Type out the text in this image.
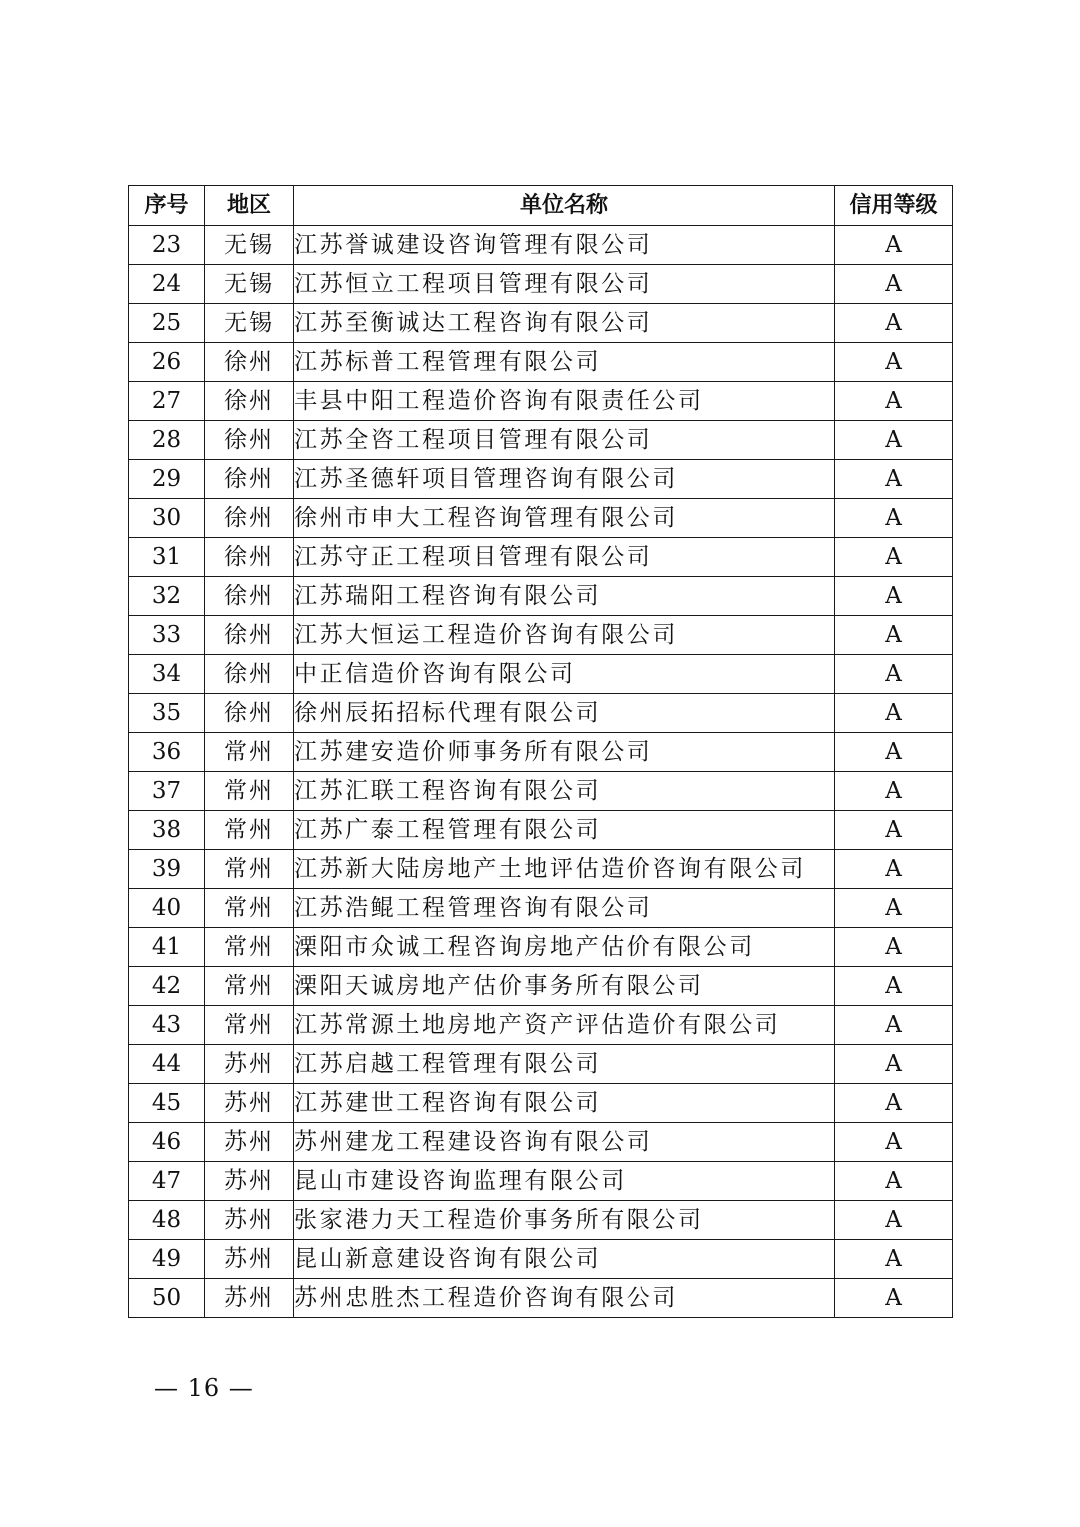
序号	地区	单位名称	信用等级
23	无锡	江苏誉诚建设咨询管理有限公司	A
24	无锡	江苏恒立工程项目管理有限公司	A
25	无锡	江苏至衡诚达工程咨询有限公司	A
26	徐州	江苏标普工程管理有限公司	A
27	徐州	丰县中阳工程造价咨询有限责任公司	A
28	徐州	江苏全咨工程项目管理有限公司	A
29	徐州	江苏圣德轩项目管理咨询有限公司	A
30	徐州	徐州市申大工程咨询管理有限公司	A
31	徐州	江苏守正工程项目管理有限公司	A
32	徐州	江苏瑞阳工程咨询有限公司	A
33	徐州	江苏大恒运工程造价咨询有限公司	A
34	徐州	中正信造价咨询有限公司	A
35	徐州	徐州辰拓招标代理有限公司	A
36	常州	江苏建安造价师事务所有限公司	A
37	常州	江苏汇联工程咨询有限公司	A
38	常州	江苏广泰工程管理有限公司	A
39	常州	江苏新大陆房地产土地评估造价咨询有限公司	A
40	常州	江苏浩鲲工程管理咨询有限公司	A
41	常州	溧阳市众诚工程咨询房地产估价有限公司	A
42	常州	溧阳天诚房地产估价事务所有限公司	A
43	常州	江苏常源土地房地产资产评估造价有限公司	A
44	苏州	江苏启越工程管理有限公司	A
45	苏州	江苏建世工程咨询有限公司	A
46	苏州	苏州建龙工程建设咨询有限公司	A
47	苏州	昆山市建设咨询监理有限公司	A
48	苏州	张家港力天工程造价事务所有限公司	A
49	苏州	昆山新意建设咨询有限公司	A
50	苏州	苏州忠胜杰工程造价咨询有限公司	A
— 16 —
